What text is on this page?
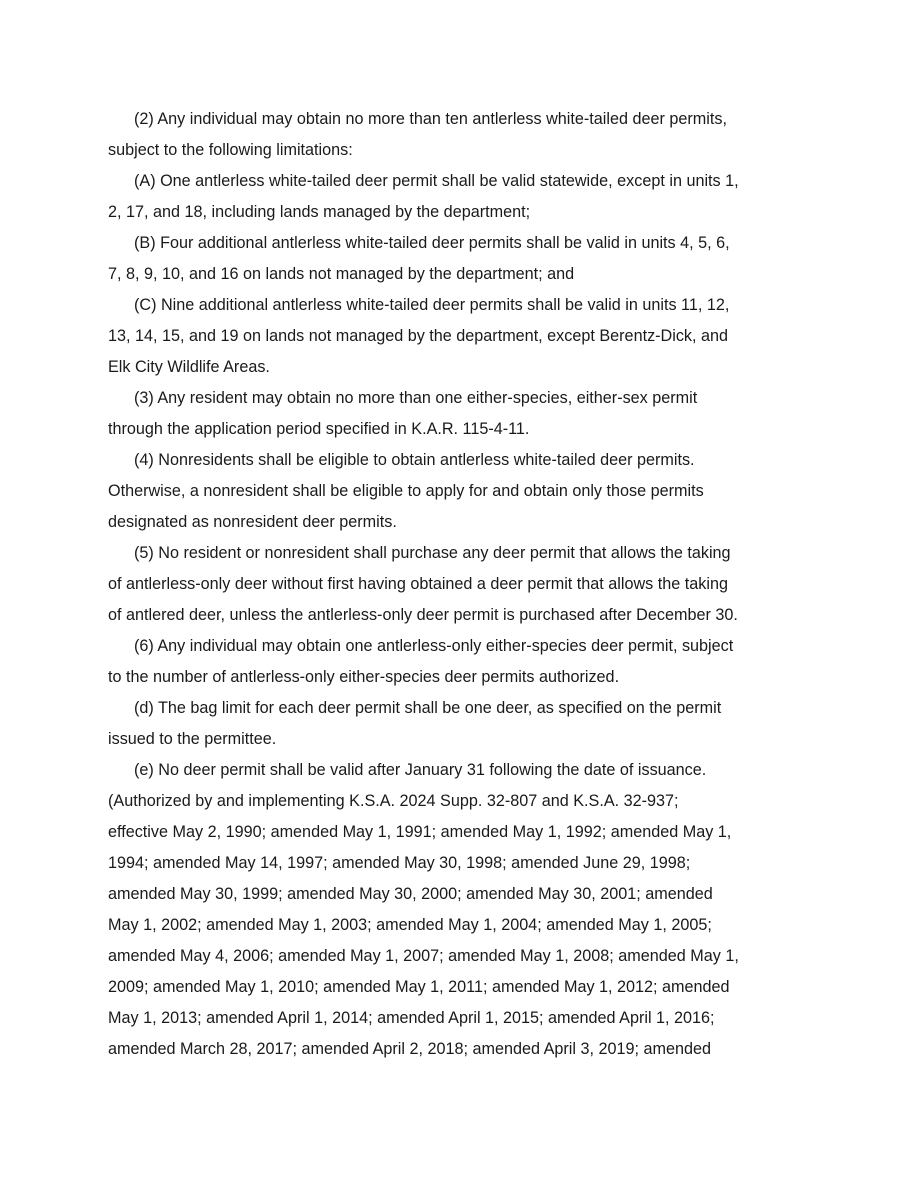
(2) Any individual may obtain no more than ten antlerless white-tailed deer permits,

subject to the following limitations:

(A) One antlerless white-tailed deer permit shall be valid statewide, except in units 1,

2, 17, and 18, including lands managed by the department;

(B) Four additional antlerless white-tailed deer permits shall be valid in units 4, 5, 6,

7, 8, 9, 10, and 16 on lands not managed by the department; and

(C) Nine additional antlerless white-tailed deer permits shall be valid in units 11, 12,

13, 14, 15, and 19 on lands not managed by the department, except Berentz-Dick, and

Elk City Wildlife Areas.

(3) Any resident may obtain no more than one either-species, either-sex permit

through the application period specified in K.A.R. 115-4-11.

(4) Nonresidents shall be eligible to obtain antlerless white-tailed deer permits.

Otherwise, a nonresident shall be eligible to apply for and obtain only those permits

designated as nonresident deer permits.

(5) No resident or nonresident shall purchase any deer permit that allows the taking

of antlerless-only deer without first having obtained a deer permit that allows the taking

of antlered deer, unless the antlerless-only deer permit is purchased after December 30.

(6) Any individual may obtain one antlerless-only either-species deer permit, subject

to the number of antlerless-only either-species deer permits authorized.

(d) The bag limit for each deer permit shall be one deer, as specified on the permit

issued to the permittee.

(e) No deer permit shall be valid after January 31 following the date of issuance.

(Authorized by and implementing K.S.A. 2024 Supp. 32-807 and K.S.A. 32-937;

effective May 2, 1990; amended May 1, 1991; amended May 1, 1992; amended May 1,

1994; amended May 14, 1997; amended May 30, 1998; amended June 29, 1998;

amended May 30, 1999; amended May 30, 2000; amended May 30, 2001; amended

May 1, 2002; amended May 1, 2003; amended May 1, 2004; amended May 1, 2005;

amended May 4, 2006; amended May 1, 2007; amended May 1, 2008; amended May 1,

2009; amended May 1, 2010; amended May 1, 2011; amended May 1, 2012; amended

May 1, 2013; amended April 1, 2014; amended April 1, 2015; amended April 1, 2016;

amended March 28, 2017; amended April 2, 2018; amended April 3, 2019; amended
